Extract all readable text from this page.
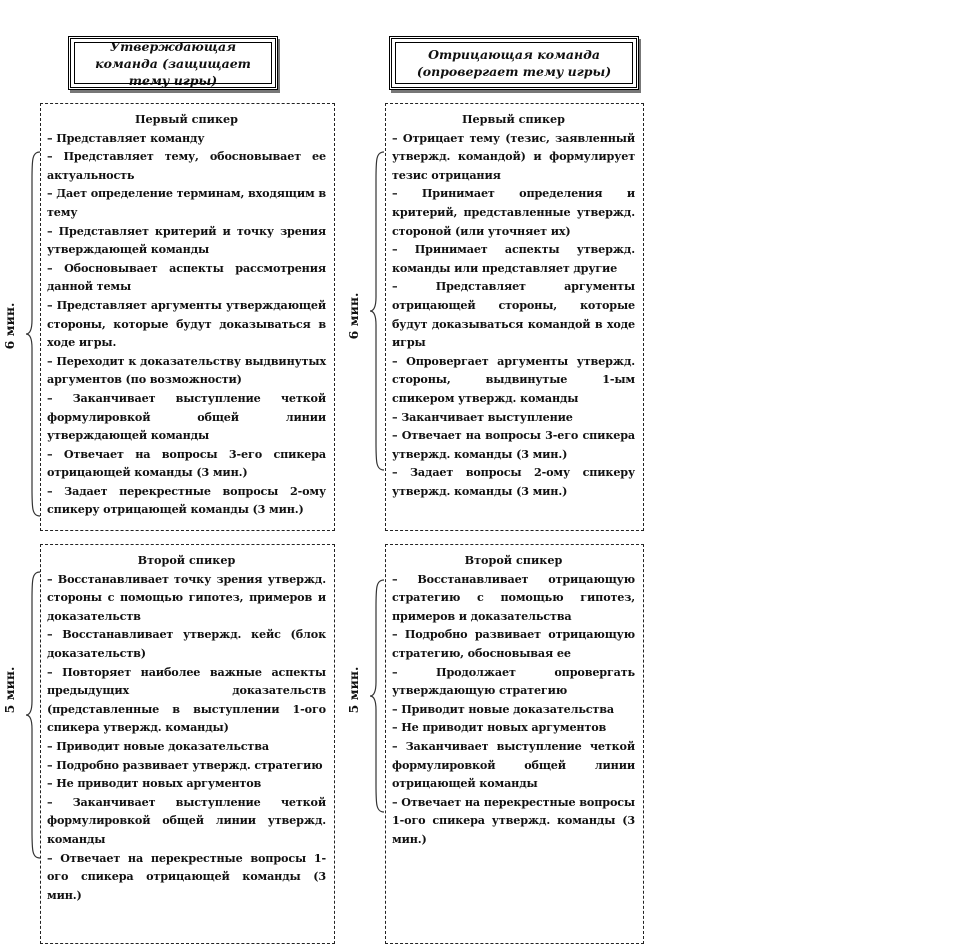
Утверждающая команда (защищает тему игры)
Отрицающая команда (опровергает тему игры)

Первый спикер

– Представляет команду

– Представляет тему, обосновывает ее актуальность

– Дает определение терминам, входящим в тему

– Представляет критерий и точку зрения утверждающей команды

– Обосновывает аспекты рассмотрения данной темы

– Представляет аргументы утверждающей стороны, которые будут доказываться в ходе игры.

– Переходит к доказательству выдвинутых аргументов (по возможности)

– Заканчивает выступление четкой формулировкой общей линии утверждающей команды

– Отвечает на вопросы 3-его спикера отрицающей команды (3 мин.)

– Задает перекрестные вопросы 2-ому спикеру отрицающей команды (3 мин.)

Первый спикер

– Отрицает тему (тезис, заявленный утвержд. командой) и формулирует тезис отрицания

– Принимает определения и критерий, представленные утвержд. стороной (или уточняет их)

– Принимает аспекты утвержд. команды или представляет другие

– Представляет аргументы отрицающей стороны, которые будут доказываться командой в ходе игры

– Опровергает аргументы утвержд. стороны, выдвинутые 1-ым спикером утвержд. команды

– Заканчивает выступление

– Отвечает на вопросы 3-его спикера утвержд. команды (3 мин.)

– Задает вопросы 2-ому спикеру утвержд. команды (3 мин.)

Второй спикер

– Восстанавливает точку зрения утвержд. стороны с помощью гипотез, примеров и доказательств

– Восстанавливает утвержд. кейс (блок доказательств)

– Повторяет наиболее важные аспекты предыдущих доказательств (представленные в выступлении 1-ого спикера утвержд. команды)

– Приводит новые доказательства

– Подробно развивает утвержд. стратегию

– Не приводит новых аргументов

– Заканчивает выступление четкой формулировкой общей линии утвержд. команды

– Отвечает на перекрестные вопросы 1-ого спикера отрицающей команды (3 мин.)

Второй спикер

– Восстанавливает отрицающую стратегию с помощью гипотез, примеров и доказательства

– Подробно развивает отрицающую стратегию, обосновывая ее

– Продолжает опровергать утверждающую стратегию

– Приводит новые доказательства

– Не приводит новых аргументов

– Заканчивает выступление четкой формулировкой общей линии отрицающей команды

– Отвечает на перекрестные вопросы 1-ого спикера утвержд. команды (3 мин.)

6 мин.	6 мин.
5 мин.	5 мин.
